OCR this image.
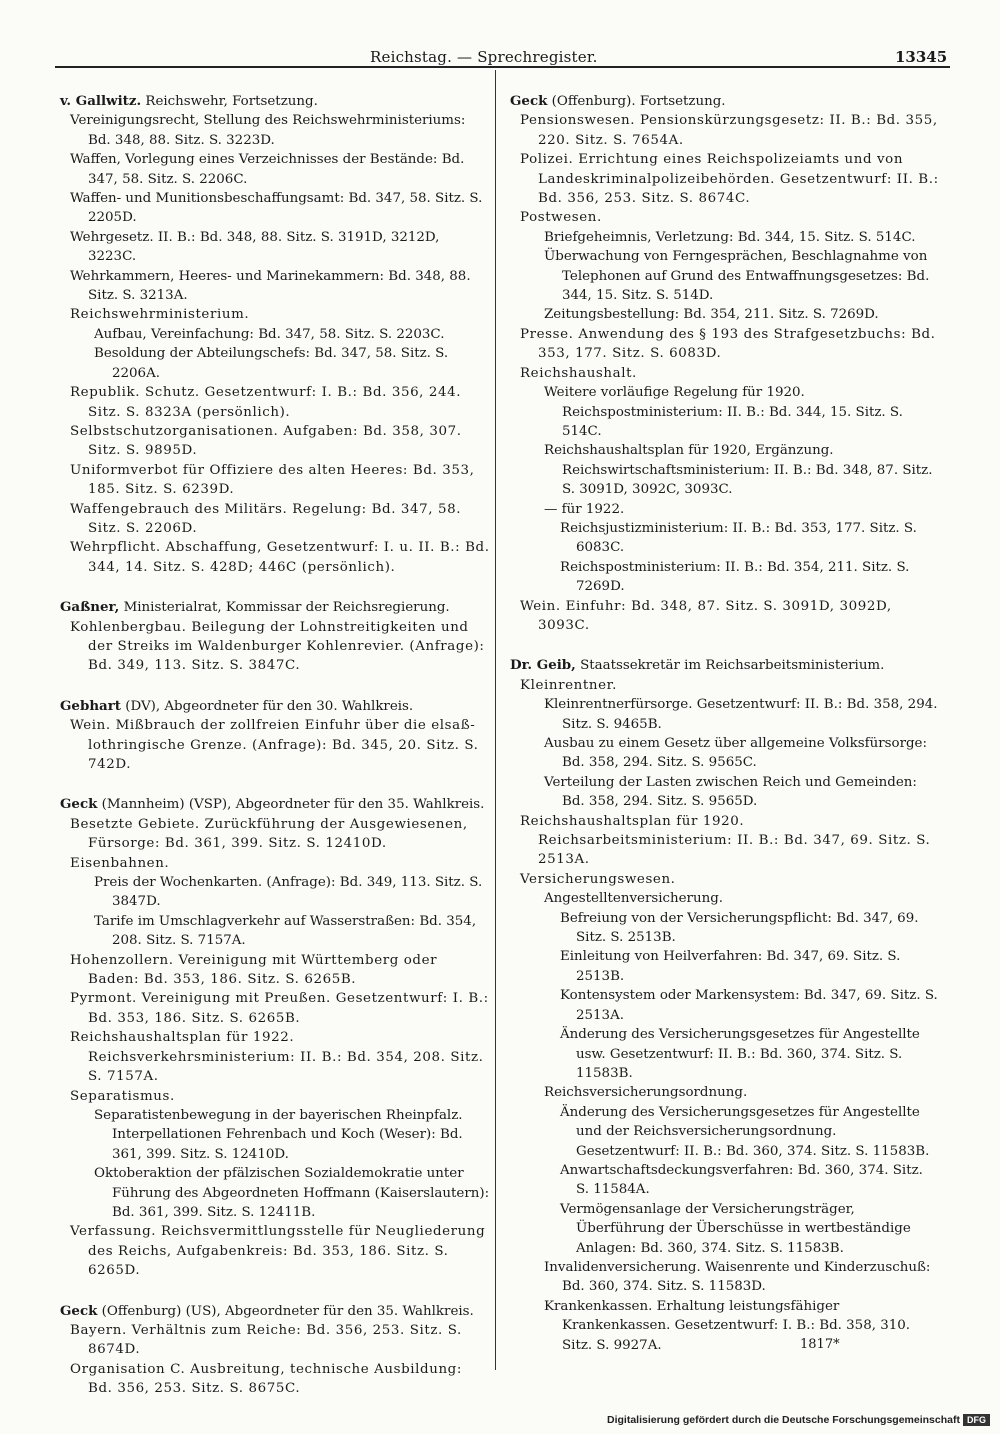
Reichstag. — Sprechregister.	13345
v. Gallwitz. Reichswehr, Fortsetzung.
Vereinigungsrecht, Stellung des Reichswehrministeriums: Bd. 348, 88. Sitz. S. 3223D.
Waffen, Vorlegung eines Verzeichnisses der Bestände: Bd. 347, 58. Sitz. S. 2206C.
Waffen- und Munitionsbeschaffungsamt: Bd. 347, 58. Sitz. S. 2205D.
Wehrgesetz. II. B.: Bd. 348, 88. Sitz. S. 3191D, 3212D, 3223C.
Wehrkammern, Heeres- und Marinekammern: Bd. 348, 88. Sitz. S. 3213A.
Reichswehrministerium.
Aufbau, Vereinfachung: Bd. 347, 58. Sitz. S. 2203C.
Besoldung der Abteilungschefs: Bd. 347, 58. Sitz. S. 2206A.
Republik. Schutz. Gesetzentwurf: I. B.: Bd. 356, 244. Sitz. S. 8323A (persönlich).
Selbstschutzorganisationen. Aufgaben: Bd. 358, 307. Sitz. S. 9895D.
Uniformverbot für Offiziere des alten Heeres: Bd. 353, 185. Sitz. S. 6239D.
Waffengebrauch des Militärs. Regelung: Bd. 347, 58. Sitz. S. 2206D.
Wehrpflicht. Abschaffung, Gesetzentwurf: I. u. II. B.: Bd. 344, 14. Sitz. S. 428D; 446C (persönlich).
Gaßner, Ministerialrat, Kommissar der Reichsregierung.
Kohlenbergbau. Beilegung der Lohnstreitigkeiten und der Streiks im Waldenburger Kohlenrevier. (Anfrage): Bd. 349, 113. Sitz. S. 3847C.
Gebhart (DV), Abgeordneter für den 30. Wahlkreis.
Wein. Mißbrauch der zollfreien Einfuhr über die elsaß-lothringische Grenze. (Anfrage): Bd. 345, 20. Sitz. S. 742D.
Geck (Mannheim) (VSP), Abgeordneter für den 35. Wahlkreis.
Besetzte Gebiete. Zurückführung der Ausgewiesenen, Fürsorge: Bd. 361, 399. Sitz. S. 12410D.
Eisenbahnen.
Preis der Wochenkarten. (Anfrage): Bd. 349, 113. Sitz. S. 3847D.
Tarife im Umschlagverkehr auf Wasserstraßen: Bd. 354, 208. Sitz. S. 7157A.
Hohenzollern. Vereinigung mit Württemberg oder Baden: Bd. 353, 186. Sitz. S. 6265B.
Pyrmont. Vereinigung mit Preußen. Gesetzentwurf: I. B.: Bd. 353, 186. Sitz. S. 6265B.
Reichshaushaltsplan für 1922. Reichsverkehrsministerium: II. B.: Bd. 354, 208. Sitz. S. 7157A.
Separatismus.
Separatistenbewegung in der bayerischen Rheinpfalz. Interpellationen Fehrenbach und Koch (Weser): Bd. 361, 399. Sitz. S. 12410D.
Oktoberaktion der pfälzischen Sozialdemokratie unter Führung des Abgeordneten Hoffmann (Kaiserslautern): Bd. 361, 399. Sitz. S. 12411B.
Verfassung. Reichsvermittlungsstelle für Neugliederung des Reichs, Aufgabenkreis: Bd. 353, 186. Sitz. S. 6265D.
Geck (Offenburg) (US), Abgeordneter für den 35. Wahlkreis.
Bayern. Verhältnis zum Reiche: Bd. 356, 253. Sitz. S. 8674D.
Organisation C. Ausbreitung, technische Ausbildung: Bd. 356, 253. Sitz. S. 8675C.
Geck (Offenburg). Fortsetzung.
Pensionswesen. Pensionskürzungsgesetz: II. B.: Bd. 355, 220. Sitz. S. 7654A.
Polizei. Errichtung eines Reichspolizeiamts und von Landeskriminalpolizeibehörden. Gesetzentwurf: II. B.: Bd. 356, 253. Sitz. S. 8674C.
Postwesen.
Briefgeheimnis, Verletzung: Bd. 344, 15. Sitz. S. 514C.
Überwachung von Ferngesprächen, Beschlagnahme von Telephonen auf Grund des Entwaffnungsgesetzes: Bd. 344, 15. Sitz. S. 514D.
Zeitungsbestellung: Bd. 354, 211. Sitz. S. 7269D.
Presse. Anwendung des § 193 des Strafgesetzbuchs: Bd. 353, 177. Sitz. S. 6083D.
Reichshaushalt.
Weitere vorläufige Regelung für 1920. Reichspostministerium: II. B.: Bd. 344, 15. Sitz. S. 514C.
Reichshaushaltsplan für 1920, Ergänzung. Reichswirtschaftsministerium: II. B.: Bd. 348, 87. Sitz. S. 3091D, 3092C, 3093C.
— für 1922.
Reichsjustizministerium: II. B.: Bd. 353, 177. Sitz. S. 6083C.
Reichspostministerium: II. B.: Bd. 354, 211. Sitz. S. 7269D.
Wein. Einfuhr: Bd. 348, 87. Sitz. S. 3091D, 3092D, 3093C.
Dr. Geib, Staatssekretär im Reichsarbeitsministerium.
Kleinrentner.
Kleinrentnerfürsorge. Gesetzentwurf: II. B.: Bd. 358, 294. Sitz. S. 9465B.
Ausbau zu einem Gesetz über allgemeine Volksfürsorge: Bd. 358, 294. Sitz. S. 9565C.
Verteilung der Lasten zwischen Reich und Gemeinden: Bd. 358, 294. Sitz. S. 9565D.
Reichshaushaltsplan für 1920. Reichsarbeitsministerium: II. B.: Bd. 347, 69. Sitz. S. 2513A.
Versicherungswesen.
Angestelltenversicherung.
Befreiung von der Versicherungspflicht: Bd. 347, 69. Sitz. S. 2513B.
Einleitung von Heilverfahren: Bd. 347, 69. Sitz. S. 2513B.
Kontensystem oder Markensystem: Bd. 347, 69. Sitz. S. 2513A.
Änderung des Versicherungsgesetzes für Angestellte usw. Gesetzentwurf: II. B.: Bd. 360, 374. Sitz. S. 11583B.
Reichsversicherungsordnung.
Änderung des Versicherungsgesetzes für Angestellte und der Reichsversicherungsordnung. Gesetzentwurf: II. B.: Bd. 360, 374. Sitz. S. 11583B.
Anwartschaftsdeckungsverfahren: Bd. 360, 374. Sitz. S. 11584A.
Vermögensanlage der Versicherungsträger, Überführung der Überschüsse in wertbeständige Anlagen: Bd. 360, 374. Sitz. S. 11583B.
Invalidenversicherung. Waisenrente und Kinderzuschuß: Bd. 360, 374. Sitz. S. 11583D.
Krankenkassen. Erhaltung leistungsfähiger Krankenkassen. Gesetzentwurf: I. B.: Bd. 358, 310. Sitz. S. 9927A.	1817*
Digitalisierung gefördert durch die Deutsche Forschungsgemeinschaft DFG
